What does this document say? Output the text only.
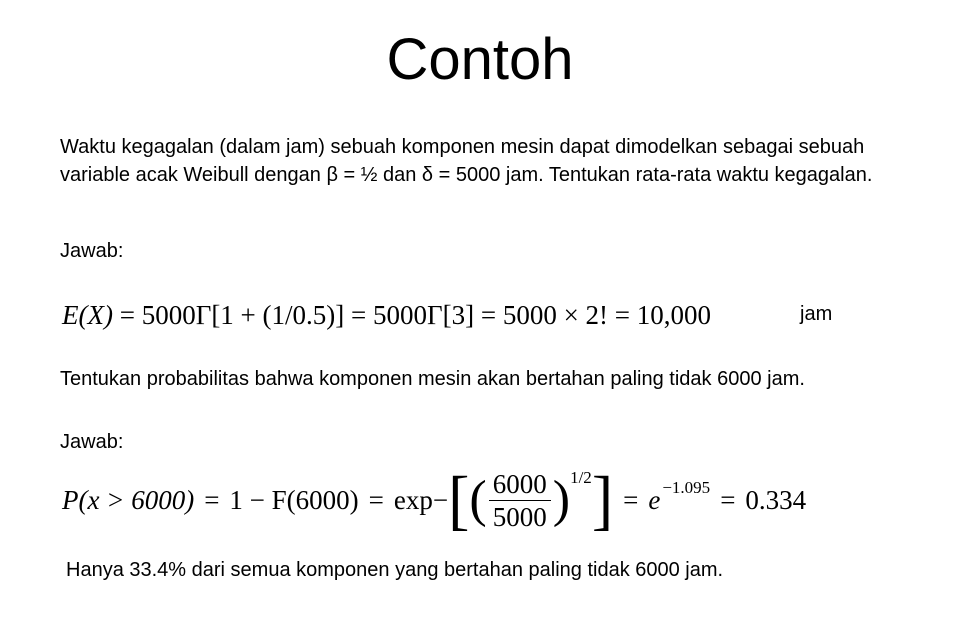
Contoh
Waktu kegagalan (dalam jam) sebuah komponen mesin dapat dimodelkan sebagai sebuah variable acak Weibull dengan β = ½ dan δ = 5000 jam. Tentukan rata-rata waktu kegagalan.
Jawab:
E(X) = 5000Γ[1 + (1/0.5)] = 5000Γ[3] = 5000 × 2! = 10,000	jam
Tentukan probabilitas bahwa komponen mesin akan bertahan paling tidak 6000 jam.
Jawab:
P(x > 6000) = 1 − F(6000) = exp − [ ( $\frac{6000}{5000}$ ) 1/2 ] = e −1.095 = 0.334
Hanya 33.4% dari semua komponen yang bertahan paling tidak 6000 jam.
